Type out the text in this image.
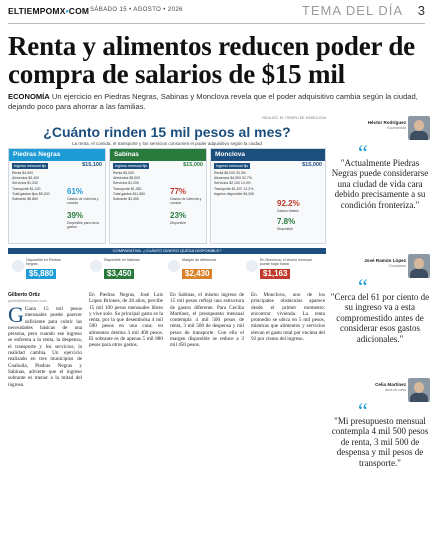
ELTIEMPOMX•COM SÁBADO 15 • AGOSTO • 2026	TEMA DEL DÍA 3
Renta y alimentos reducen poder de compra de salarios de $15 mil
ECONOMÍA Un ejercicio en Piedras Negras, Sabinas y Monclova revela que el poder adquisitivo cambia según la ciudad, dejando poco para ahorrar a las familias.
REALIZÓ: EL TIEMPO DE MONCLOVA
¿Cuánto rinden 15 mil pesos al mes?
La renta, el comida, el transporte y los servicios consumen el poder adquisitivo según la ciudad
Piedras Negras
Ingreso mensual fijo	$15,100
Renta $4,500
Alimentos $3,400
Servicios $1,200
Transporte $1,100
Total gastos fijos $9,200
Sobrante $5,880
61%
Gastos de vivienda y comida
39%
Disponible para otros gastos
Sabinas
Ingreso mensual fijo	$15,000
Renta $4,000
Alimentos $5,000
Servicios $1,200
Transporte $1,350
Total gastos $11,550
Sobrante $3,450
77%
Gastos de vivienda y comida
23%
Disponible
Monclova
Ingreso mensual fijo	$15,000
Renta $5,000 33.3%
Alimentos $4,900 32.7%
Servicios $2,100 14.0%
Transporte $1,837 12.2%
Ingreso disponible $4,006
92.2%
Gastos totales
7.8%
Disponible
COMPARATIVA: ¿CUÁNTO DINERO QUEDA DISPONIBLE?
Disponible en Piedras Negras
$5,880
Disponible en Sabinas
$3,450
Margen de diferencia
$2,430
En Monclova, el ahorro mensual puede bajar hasta
$1,163
Héctor Rodríguez
Economista
“
"Actualmente Piedras Negras puede considerarse una ciudad de vida cara debido precisamente a su condición fronteriza."
José Ramón López
Ciudadano
“
"Cerca del 61 por ciento de su ingreso va a esta compromestido antes de considerar esos gastos adicionales."
Celia Martínez
Ama de casa
“
"Mi presupuesto mensual contempla 4 mil 500 pesos de renta, 3 mil 500 de despensa y mil pesos de transporte."
Gilberto Ortiz
gortiz@eltiempomx.com

G Gana 15 mil pesos mensuales puede parecer suficiente para cubrir las necesidades básicas de una persona, pero cuando ese ingreso se enfrenta a la renta, la despensa, el transporte y los servicios, la realidad cambia. Un ejercicio realizado en tres municipios de Coahuila, Piedras Negras y Sabinas, advierte que el ingreso sobrante es menor a la mitad del ingreso.

En Piedras Negras, José Luis López Briones, de 28 años, percibe 15 mil 100 pesos mensuales libres y vive solo. Su principal gasto es la renta, por la que desembolsa 4 mil 500 pesos en una casa; en alimentos destina 3 mil 400 pesos. El sobrante es de apenas 5 mil 880 pesos para otros gastos.

En Sabinas, el mismo ingreso de 15 mil pesos refleja una estructura de gastos diferente. Para Cecilia Martínez, el presupuesto mensual contempla 4 mil 500 pesos de renta, 3 mil 500 de despensa y mil pesos de transporte. Con ello el margen disponible se reduce a 3 mil 450 pesos.

En Monclova, uno de los principales obstáculos aparece desde el primer momento: encontrar vivienda. La renta promedio se ubica en 5 mil pesos, mientras que alimentos y servicios elevan el gasto total por encima del 92 por ciento del ingreso.
